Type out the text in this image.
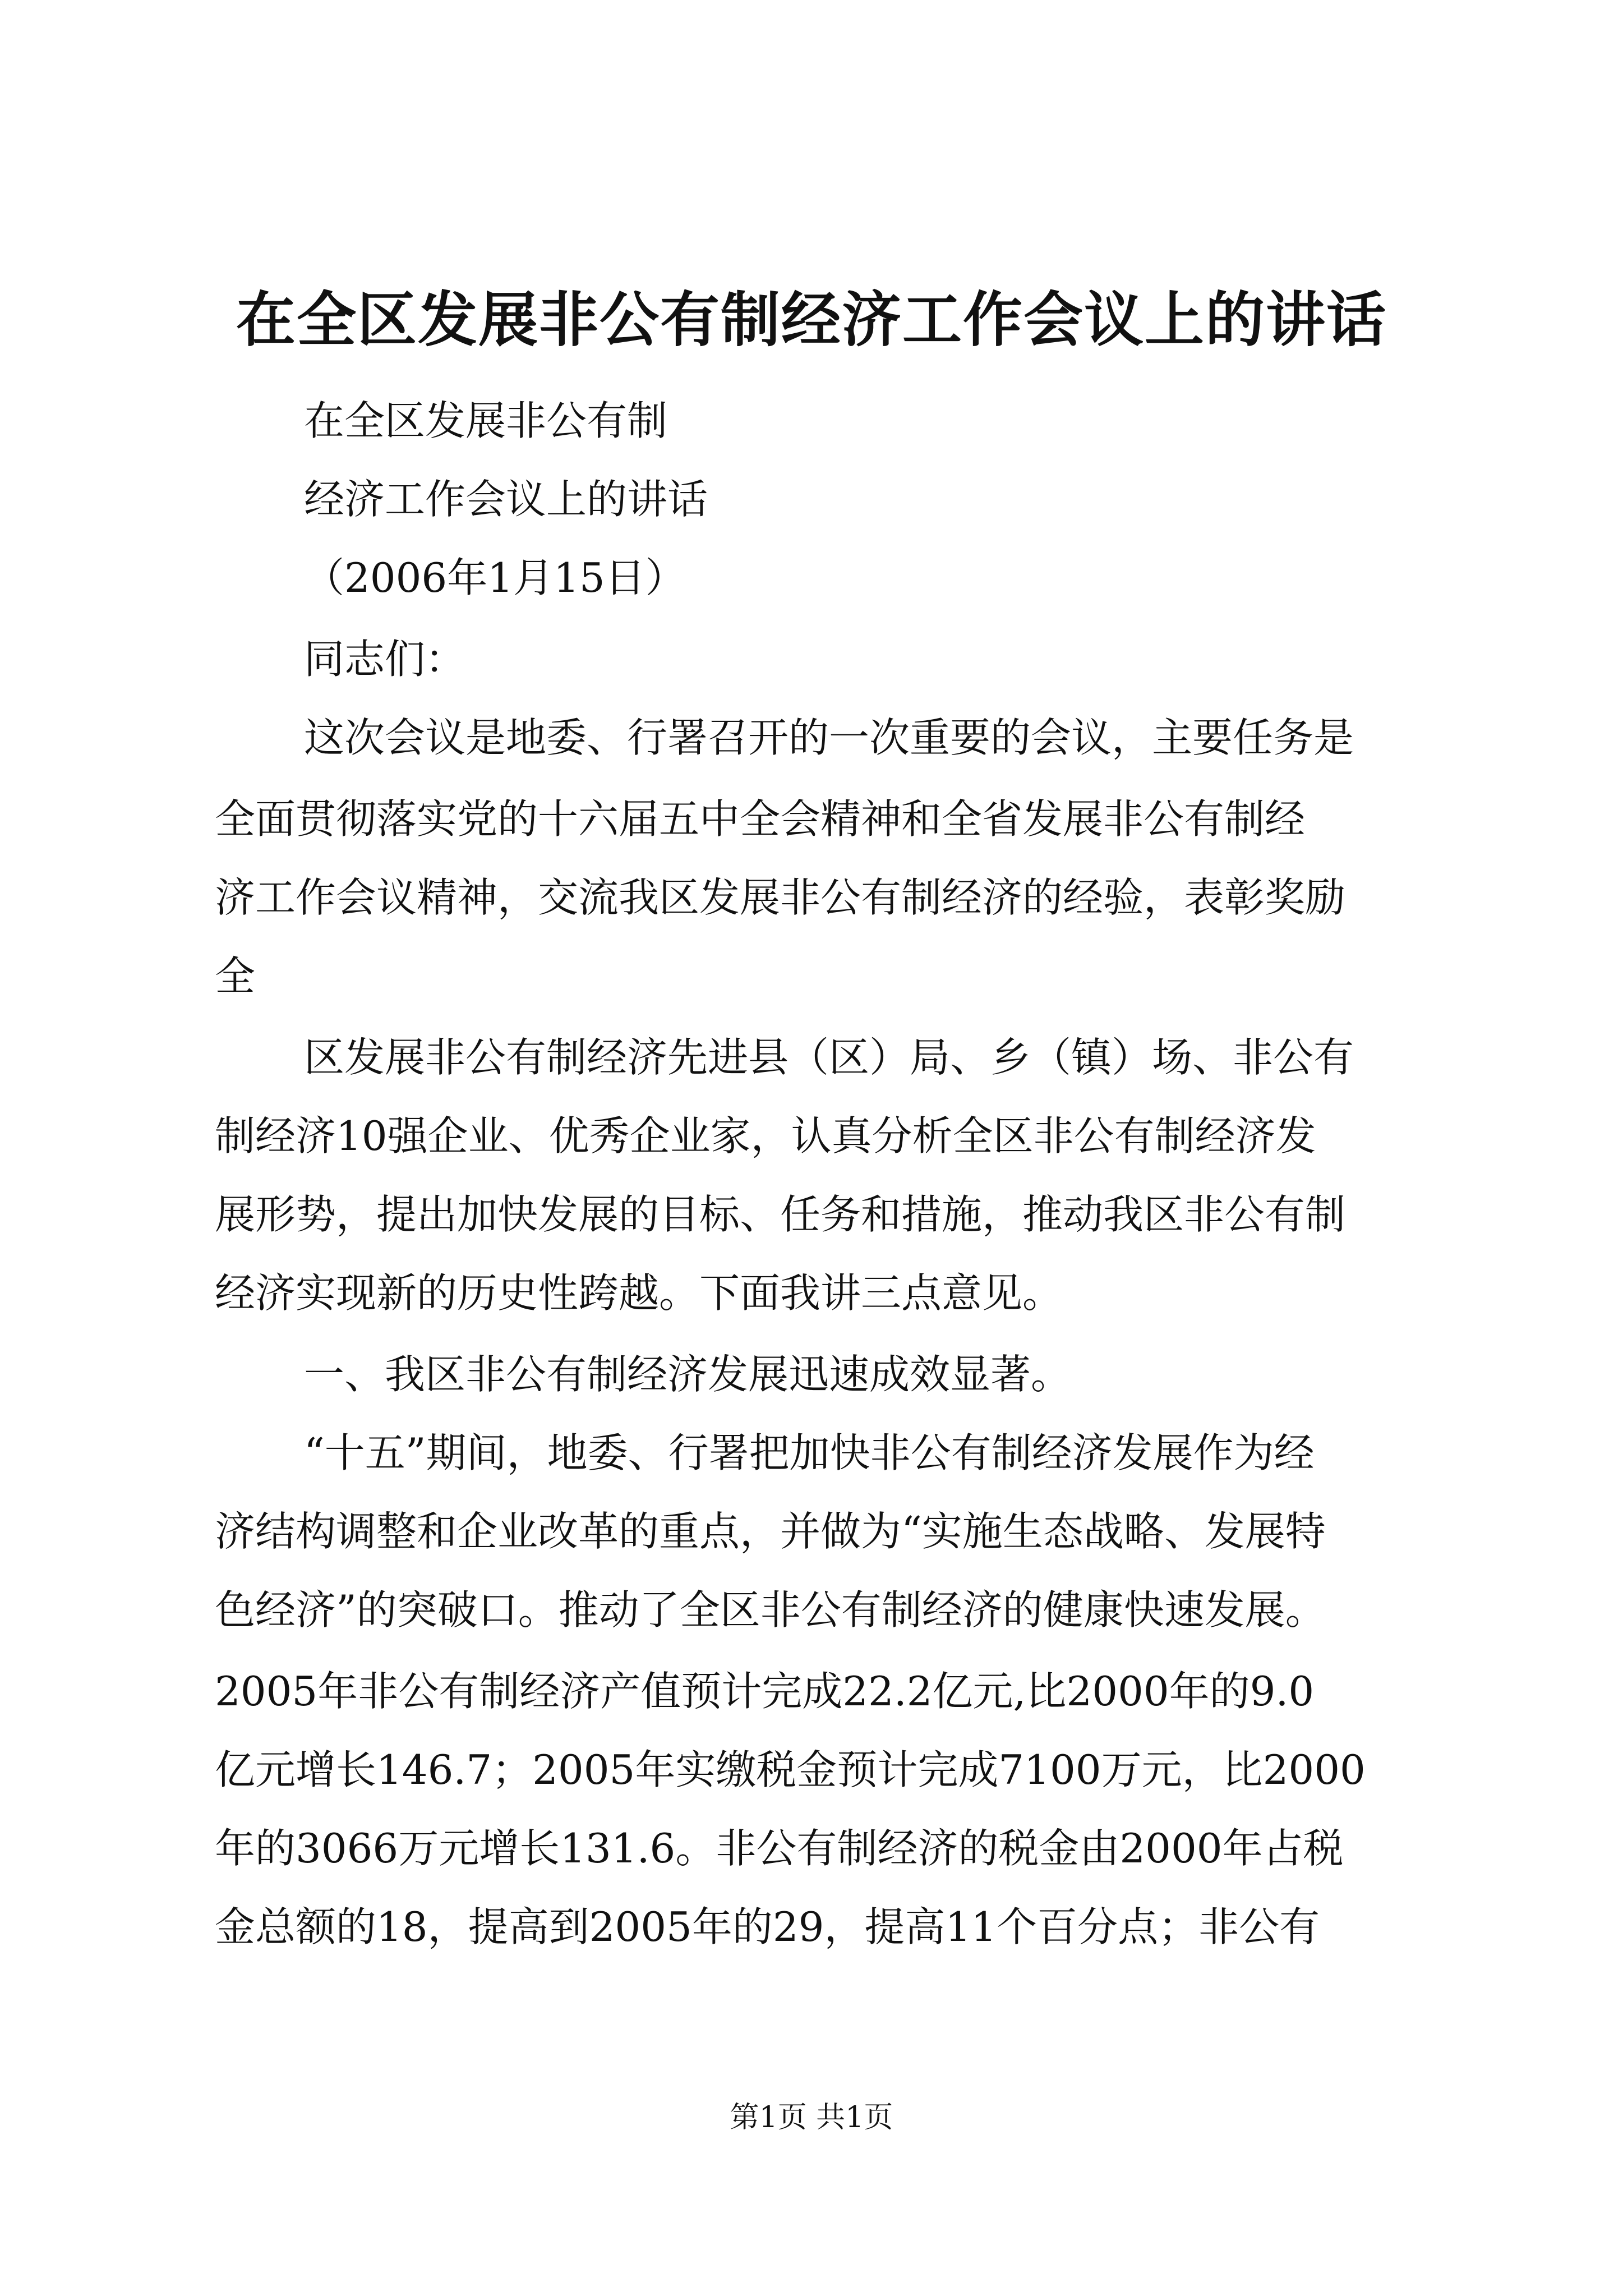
在全区发展非公有制经济工作会议上的讲话
在全区发展非公有制
经济工作会议上的讲话
（2006年1月15日）
同志们：
这次会议是地委、行署召开的一次重要的会议，主要任务是
全面贯彻落实党的十六届五中全会精神和全省发展非公有制经
济工作会议精神，交流我区发展非公有制经济的经验，表彰奖励
全
区发展非公有制经济先进县（区）局、乡（镇）场、非公有
制经济10强企业、优秀企业家，认真分析全区非公有制经济发
展形势，提出加快发展的目标、任务和措施，推动我区非公有制
经济实现新的历史性跨越。下面我讲三点意见。
一、我区非公有制经济发展迅速成效显著。
“十五”期间，地委、行署把加快非公有制经济发展作为经
济结构调整和企业改革的重点，并做为“实施生态战略、发展特
色经济”的突破口。推动了全区非公有制经济的健康快速发展。
2005年非公有制经济产值预计完成22.2亿元,比2000年的9.0
亿元增长146.7；2005年实缴税金预计完成7100万元，比2000
年的3066万元增长131.6。非公有制经济的税金由2000年占税
金总额的18，提高到2005年的29，提高11个百分点；非公有
第1页 共1页
